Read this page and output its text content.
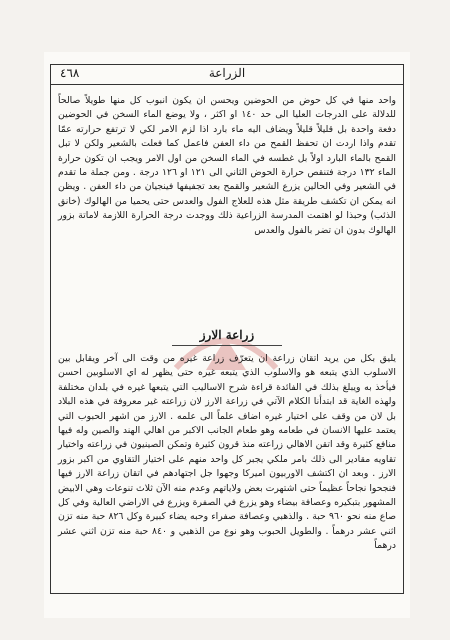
٤٦٨	الزراعة

واحد منها في كل حوض من الحوضين ويحسن ان يكون انبوب كل منها طويلاً صالحاً للدلالة على الدرجات العليا الى حد ١٤٠ او اكثر ، ولا يوضع الماء السخن في الحوضين دفعة واحدة بل قليلاً قليلاً ويضاف اليه ماء بارد اذا لزم الامر لكي لا ترتفع حرارته عمّا تقدم واذا اردت ان تحفظ القمح من داء العفن فاعمل كما فعلت بالشعير ولكن لا تبل القمح بالماء البارد اولاً بل غطسه في الماء السخن من اول الامر ويجب ان تكون حرارة الماء ١٣٢ درجة فتنقص حرارة الحوض الثاني الى ١٢١ او ١٢٦ درجة . ومن جملة ما تقدم في الشعير وفي الحالين يزرع الشعير والقمح بعد تجفيفها فينجيان من داء العفن . ويظن انه يمكن ان تكشف طريقة مثل هذه للعلاج الفول والعدس حتى يحميا من الهالوك (خانق الذئب) وحبذا لو اهتمت المدرسة الزراعية ذلك ووجدت درجة الحرارة اللازمة لاماتة بزور الهالوك بدون ان تضر بالفول والعدس

زراعة الارز

يليق بكل من يريد اتقان زراعة ان يتعرّف زراعة غيره من وقت الى آخر ويقابل بين الاسلوب الذي يتبعه هو والاسلوب الذي يتبعه غيره حتى يظهر له اي الاسلوبين احسن فيأخذ به ويبلغ بذلك في الفائدة قراءة شرح الاساليب التي يتبعها غيره في بلدان مختلفة ولهذه الغاية قد ابتدأنا الكلام الآتي في زراعة الارز لان زراعته غير معروفة في هذه البلاد بل لان من وقف على اختيار غيره اضاف علماً الى علمه . الارز من اشهر الحبوب التي يعتمد عليها الانسان في طعامه وهو طعام الجانب الاكبر من اهالي الهند والصين وله فيها منافع كثيرة وقد اتقن الاهالي زراعته منذ قرون كثيرة وتمكن الصينيون في زراعته واختيار تقاويه مقادير الى ذلك بامر ملكي يجبر كل واحد منهم على اختيار التقاوي من اكبر بزور الارز . وبعد ان اكتشف الاوربيون اميركا وجهوا جل اجتهادهم في اتقان زراعة الارز فيها فنجحوا نجاحاً عظيماً حتى اشتهرت بعض ولاياتهم وعدم منه الآن ثلاث تنوعات وهي الابيض المشهور بتبكيره وعصافة بيضاء وهو يزرع في الصفرة ويزرع في الاراضي العالية وفي كل صاع منه نحو ٩٦٠ حبة . والذهبي وعصافة صفراء وحبه يضاء كبيرة وكل ٨٢٦ حبة منه تزن اثني عشر درهماً . والطويل الحبوب وهو نوع من الذهبي و ٨٤٠ حبة منه تزن اثني عشر درهماً
